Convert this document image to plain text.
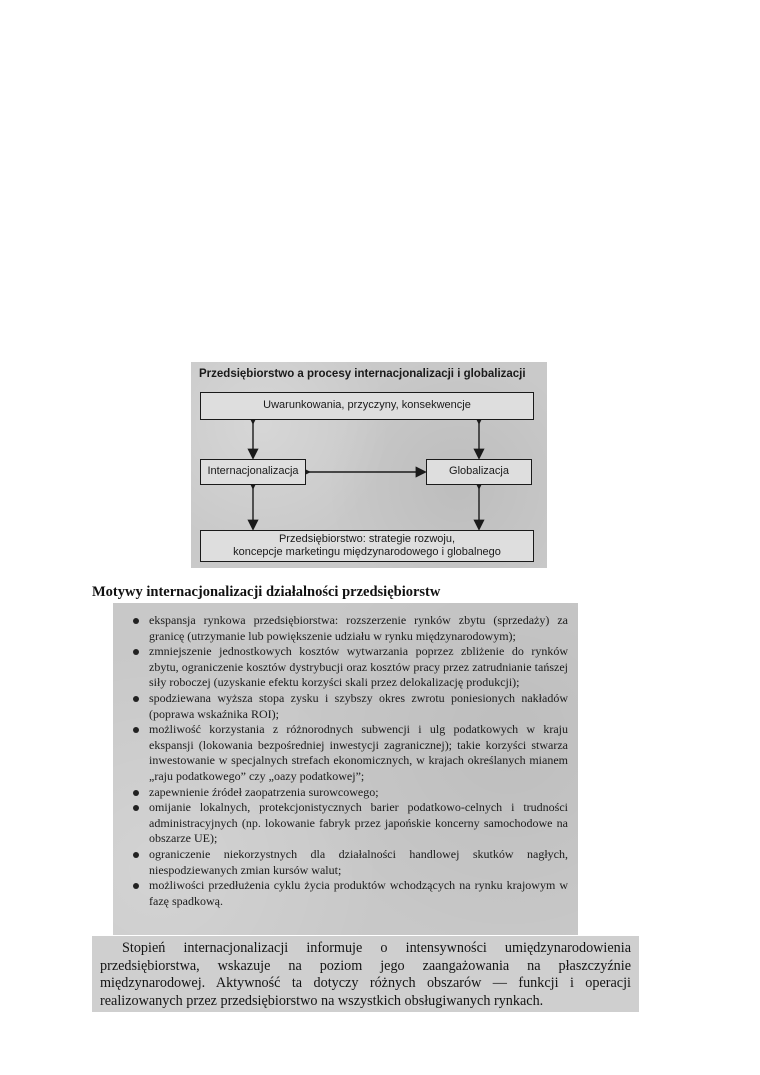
Przedsiębiorstwo a procesy internacjonalizacji i globalizacji
Uwarunkowania, przyczyny, konsekwencje
Internacjonalizacja	Globalizacja
Przedsiębiorstwo: strategie rozwoju,
koncepcje marketingu międzynarodowego i globalnego
Motywy internacjonalizacji działalności przedsiębiorstw
ekspansja rynkowa przedsiębiorstwa: rozszerzenie rynków zbytu (sprzedaży) za granicę (utrzymanie lub powiększenie udziału w rynku międzynarodowym);
zmniejszenie jednostkowych kosztów wytwarzania poprzez zbliżenie do rynków zbytu, ograniczenie kosztów dystrybucji oraz kosztów pracy przez zatrudnianie tańszej siły roboczej (uzyskanie efektu korzyści skali przez delokalizację produkcji);
spodziewana wyższa stopa zysku i szybszy okres zwrotu poniesionych nakładów (poprawa wskaźnika ROI);
możliwość korzystania z różnorodnych subwencji i ulg podatkowych w kraju ekspansji (lokowania bezpośredniej inwestycji zagranicznej); takie korzyści stwarza inwestowanie w specjalnych strefach ekonomicznych, w krajach określanych mianem „raju podatkowego” czy „oazy podatkowej”;
zapewnienie źródeł zaopatrzenia surowcowego;
omijanie lokalnych, protekcjonistycznych barier podatkowo-celnych i trudności administracyjnych (np. lokowanie fabryk przez japońskie koncerny samochodowe na obszarze UE);
ograniczenie niekorzystnych dla działalności handlowej skutków nagłych, niespodziewanych zmian kursów walut;
możliwości przedłużenia cyklu życia produktów wchodzących na rynku krajowym w fazę spadkową.

Stopień internacjonalizacji informuje o intensywności umiędzynarodowienia przedsiębiorstwa, wskazuje na poziom jego zaangażowania na płaszczyźnie międzynarodowej. Aktywność ta dotyczy różnych obszarów — funkcji i operacji realizowanych przez przedsiębiorstwo na wszystkich obsługiwanych rynkach.
